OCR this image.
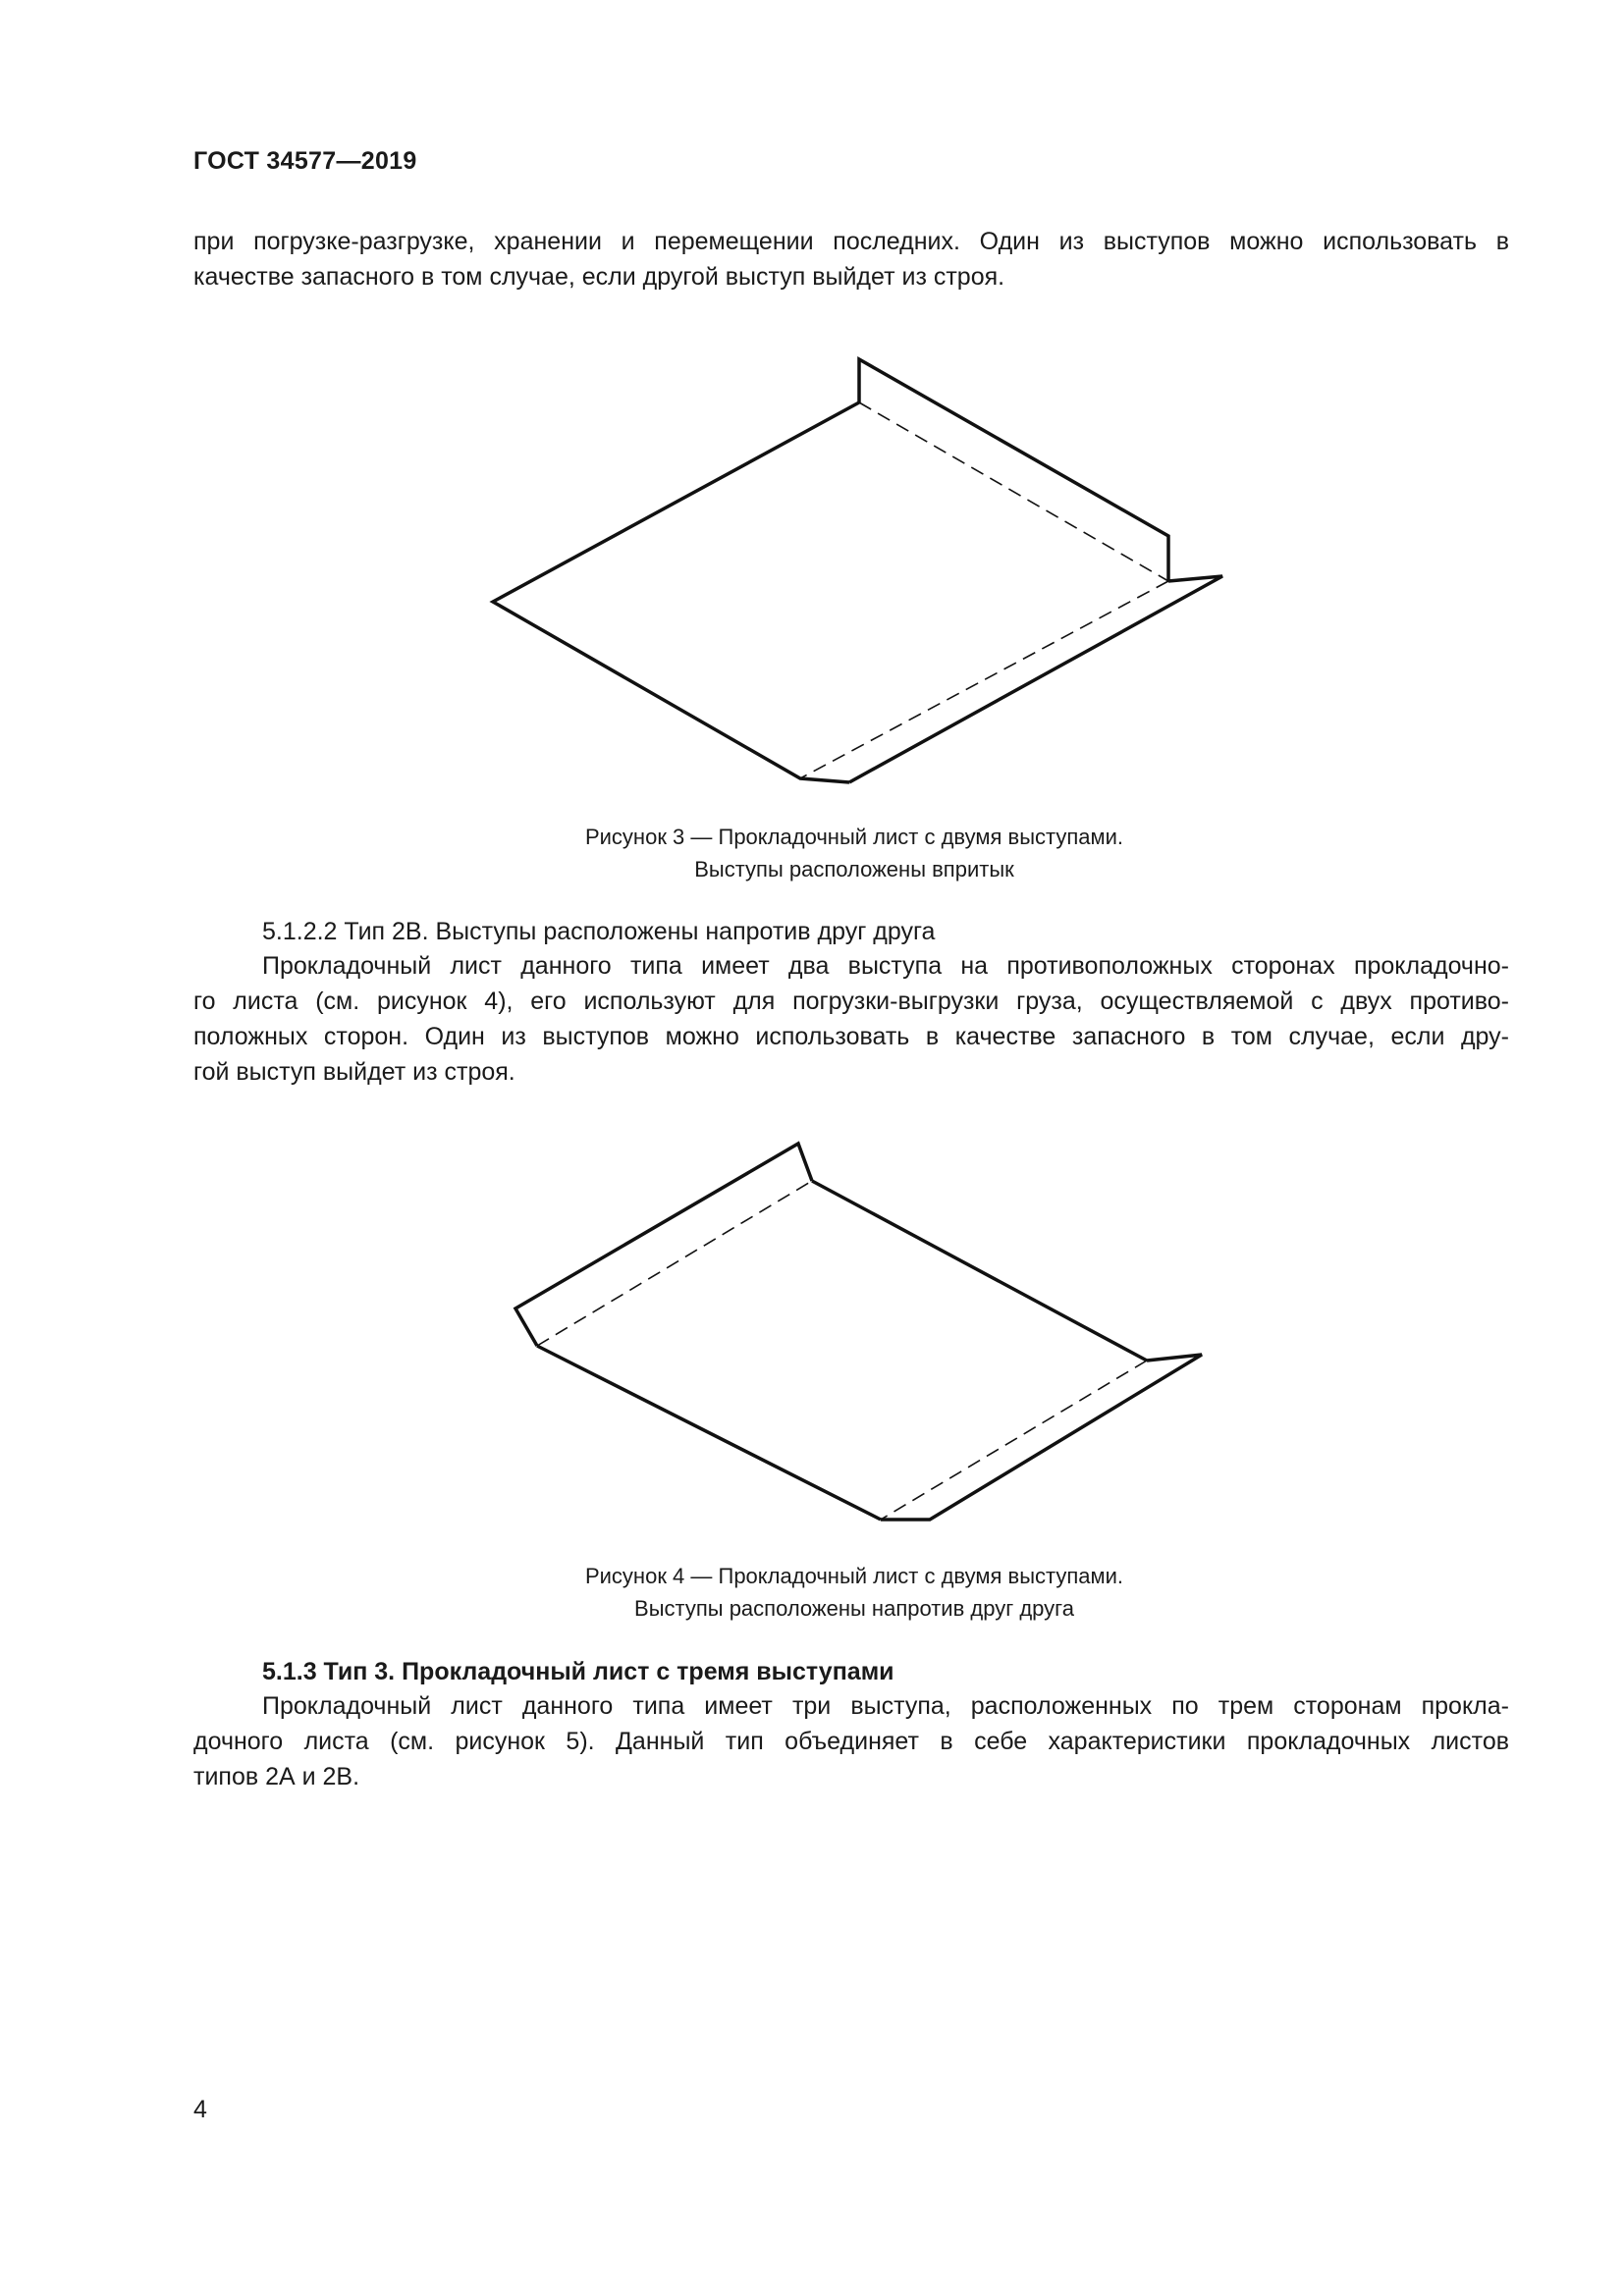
ГОСТ 34577—2019
при погрузке-разгрузке, хранении и перемещении последних. Один из выступов можно использовать в
качестве запасного в том случае, если другой выступ выйдет из строя.
Рисунок 3 — Прокладочный лист с двумя выступами.
Выступы расположены впритык
5.1.2.2 Тип 2В. Выступы расположены напротив друг друга
Прокладочный лист данного типа имеет два выступа на противоположных сторонах прокладочно-
го листа (см. рисунок 4), его используют для погрузки-выгрузки груза, осуществляемой с двух противо-
положных сторон. Один из выступов можно использовать в качестве запасного в том случае, если дру-
гой выступ выйдет из строя.
Рисунок 4 — Прокладочный лист с двумя выступами.
Выступы расположены напротив друг друга
5.1.3 Тип 3. Прокладочный лист с тремя выступами
Прокладочный лист данного типа имеет три выступа, расположенных по трем сторонам прокла-
дочного листа (см. рисунок 5). Данный тип объединяет в себе характеристики прокладочных листов
типов 2А и 2В.
4
